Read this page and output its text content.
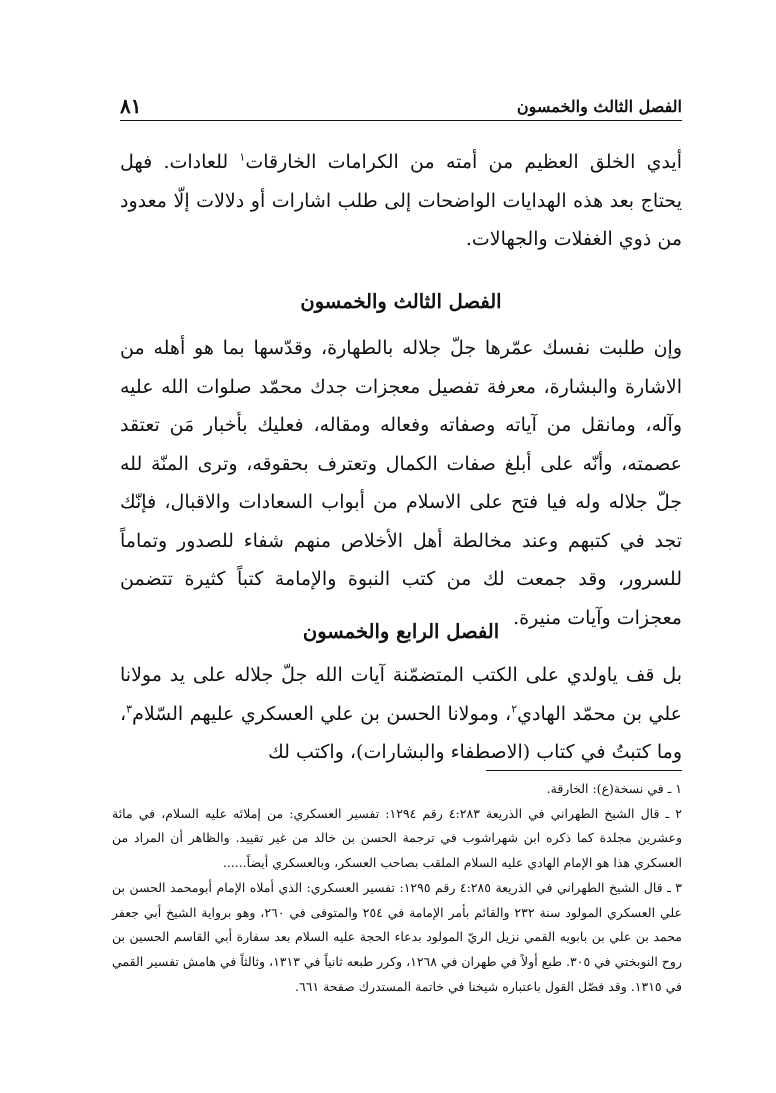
الفصل الثالث والخمسون
٨١
أيدي الخلق العظيم من أمته من الكرامات الخارقات$^١$ للعادات. فهل يحتاج بعد هذه الهدايات الواضحات إلى طلب اشارات أو دلالات إلّا معدود من ذوي الغفلات والجهالات.
الفصل الثالث والخمسون
وإن طلبت نفسك عمّرها جلّ جلاله بالطهارة، وقدّسها بما هو أهله من الاشارة والبشارة، معرفة تفصيل معجزات جدك محمّد صلوات الله عليه وآله، ومانقل من آياته وصفاته وفعاله ومقاله، فعليك بأخبار مَن تعتقد عصمته، وأنّه على أبلغ صفات الكمال وتعترف بحقوقه، وترى المنّة لله جلّ جلاله وله فيا فتح على الاسلام من أبواب السعادات والاقبال، فإنّك تجد في كتبهم وعند مخالطة أهل الأخلاص منهم شفاء للصدور وتماماً للسرور، وقد جمعت لك من كتب النبوة والإمامة كتباً كثيرة تتضمن معجزات وآيات منيرة.
الفصل الرابع والخمسون
بل قف ياولدي على الكتب المتضمّنة آيات الله جلّ جلاله على يد مولانا علي بن محمّد الهادي$^٢$، ومولانا الحسن بن علي العسكري عليهم السّلام$^٣$، وما كتبتُ في كتاب (الاصطفاء والبشارات)، واكتب لك

١ ـ في نسخة(ع): الخارقة.

٢ ـ قال الشيخ الطهراني في الذريعة ٤:٢٨٣ رقم ١٢٩٤: تفسير العسكري: من إملائه عليه السلام، في مائة وعشرين مجلدة كما ذكره ابن شهراشوب في ترجمة الحسن بن خالد من غير تقييد. والظاهر أن المراد من العسكري هذا هو الإمام الهادي عليه السلام الملقب بصاحب العسكر، وبالعسكري أيضاً......

٣ ـ قال الشيخ الطهراني في الذريعة ٤:٢٨٥ رقم ١٢٩٥: تفسير العسكري: الذي أملاه الإمام أبومحمد الحسن بن علي العسكري المولود سنة ٢٣٢ والقائم بأمر الإمامة في ٢٥٤ والمتوفى في ٢٦٠، وهو برواية الشيخ أبي جعفر محمد بن علي بن بابويه القمي نزيل الريّ المولود بدعاء الحجة عليه السلام بعد سفارة أبي القاسم الحسين بن روح النوبختي في ٣٠٥. طبع أولاً في طهران في ١٢٦٨، وكرر طبعه ثانياً في ١٣١٣، وثالثاً في هامش تفسير القمي في ١٣١٥. وقد فصّل القول باعتباره شيخنا في خاتمة المستدرك صفحة ٦٦١.
